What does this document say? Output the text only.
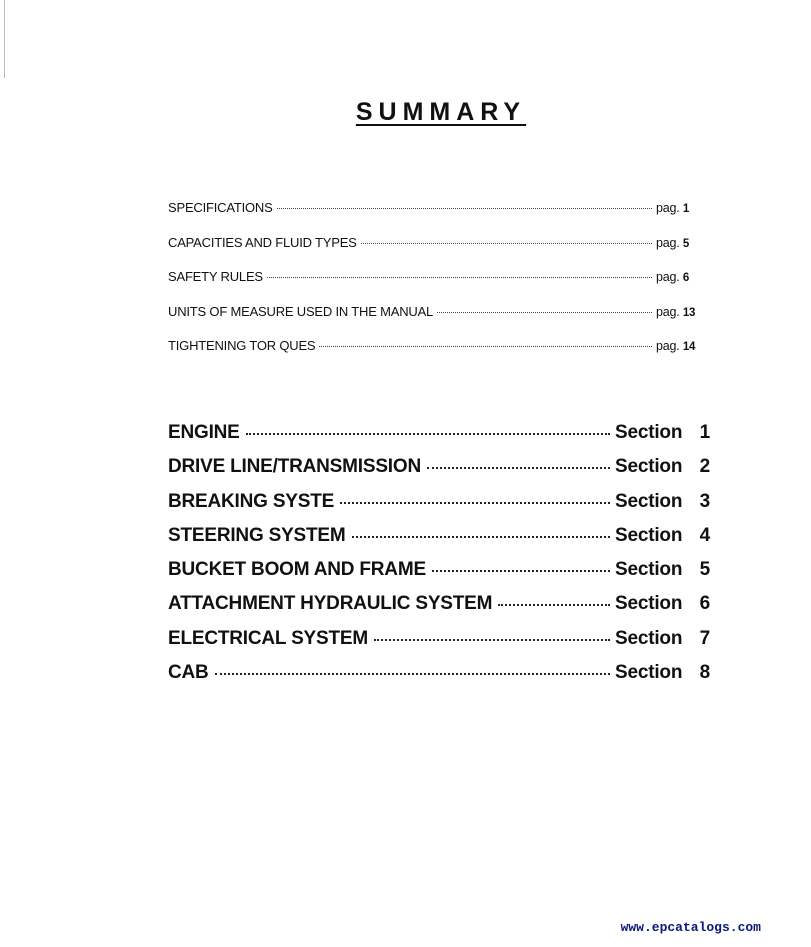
SUMMARY
SPECIFICATIONS	pag. 1
CAPACITIES AND FLUID TYPES	pag. 5
SAFETY RULES	pag. 6
UNITS OF MEASURE USED IN THE MANUAL	pag. 13
TIGHTENING TOR QUES	pag. 14
ENGINE	Section 1
DRIVE LINE/TRANSMISSION	Section 2
BREAKING SYSTE	Section 3
STEERING SYSTEM	Section 4
BUCKET BOOM AND FRAME	Section 5
ATTACHMENT HYDRAULIC SYSTEM	Section 6
ELECTRICAL SYSTEM	Section 7
CAB	Section 8
www.epcatalogs.com
